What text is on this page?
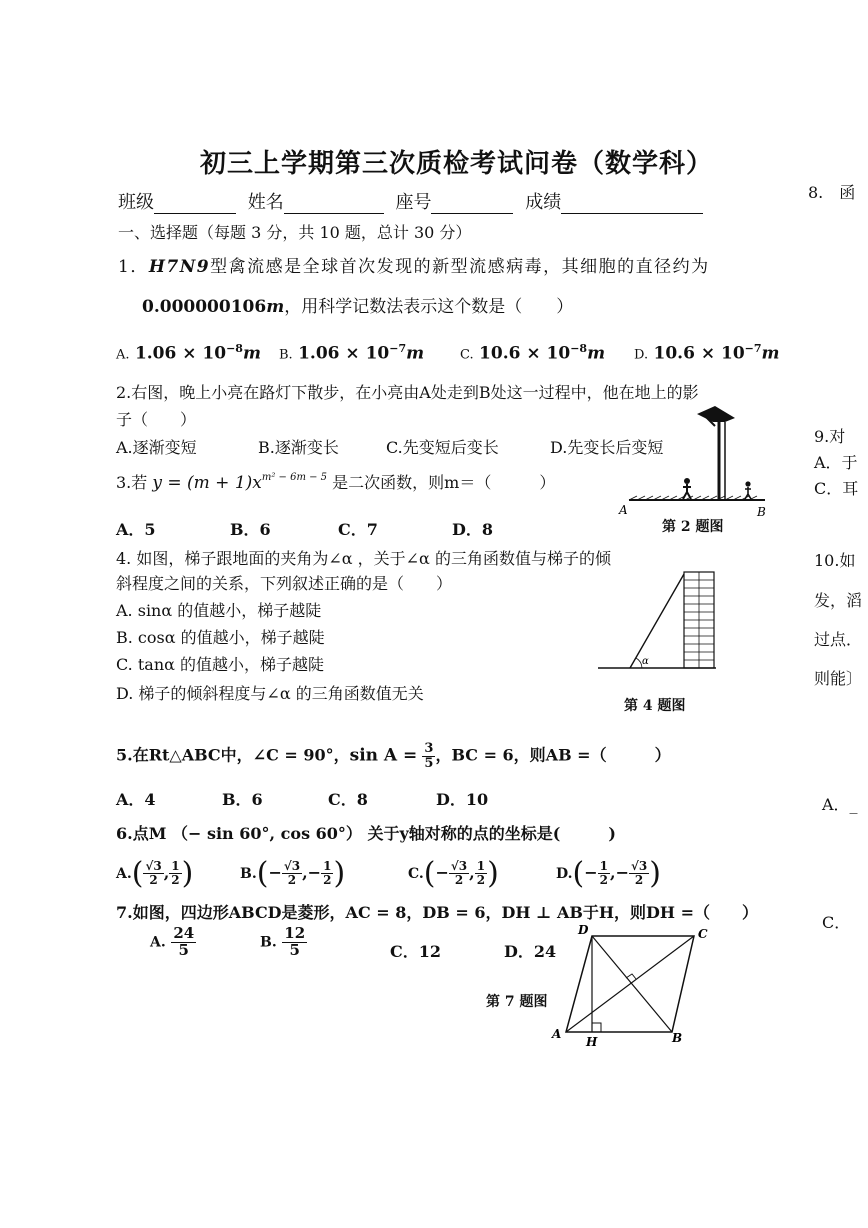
初三上学期第三次质检考试问卷（数学科）
班级	姓名	座号	成绩
一、选择题（每题 3 分，共 10 题，总计 30 分）
1．H7N9型禽流感是全球首次发现的新型流感病毒，其细胞的直径约为
0.000000106m，用科学记数法表示这个数是（　　）
A. $1.06 \times 10^{-8}m$ B. $1.06 \times 10^{-7}m$	C. $10.6 \times 10^{-8}m$ D. $10.6 \times 10^{-7}m$
2.右图，晚上小亮在路灯下散步，在小亮由A处走到B处这一过程中，他在地上的影
子（　　）
A.逐渐变短	B.逐渐变长	C.先变短后变长	D.先变长后变短
A	B
第 2 题图
3.若 $y = (m + 1)x^{m^2 - 6m - 5}$ 是二次函数，则m＝（　　　）
A．5	B．6	C．7	D．8
4. 如图，梯子跟地面的夹角为∠α ，关于∠α 的三角函数值与梯子的倾
斜程度之间的关系，下列叙述正确的是（　　）
A. sinα 的值越小，梯子越陡
B. cosα 的值越小，梯子越陡
C. tanα 的值越小，梯子越陡
D. 梯子的倾斜程度与∠α 的三角函数值无关
α
第 4 题图
5.在Rt△ABC中，∠C = 90°，$\sin A = \frac{3}{5}$ ，BC = 6，则AB =（　　　）
A．4	B．6	C．8	D．10
6.点M （− sin 60°, cos 60°） 关于y轴对称的点的坐标是(　　　)
$A.( \frac{√3}{2}$ , $\frac{1}{2}$ )	$B.(- \frac{√3}{2}$ ,− $\frac{1}{2}$ )	$C.(- \frac{√3}{2}$ , $\frac{1}{2}$ )	$D.(- \frac{1}{2}$ ,− $\frac{√3}{2}$ )
7.如图，四边形ABCD是菱形，AC = 8，DB = 6，DH ⊥ AB于H，则DH =（　　）
A. $\frac{24}{5}$	B. $\frac{12}{5}$	C．12	D．24
D	C
A	B
H
第 7 题图
8.　函
9.对
A．于
C．耳
10.如
发，滔
过点．
则能〕
A．_
C．
